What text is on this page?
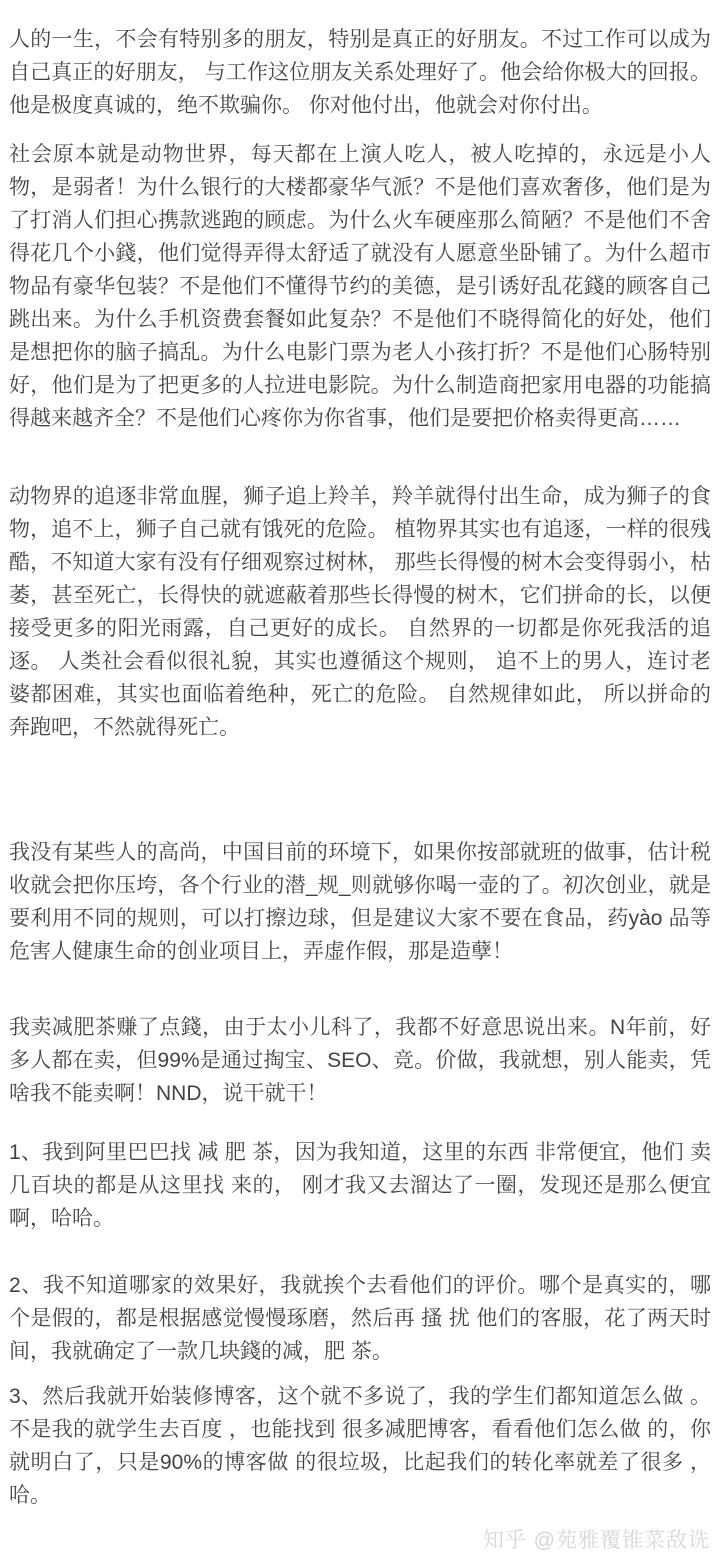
人的一生，不会有特别多的朋友，特别是真正的好朋友。不过工作可以成为自己真正的好朋友， 与工作这位朋友关系处理好了。他会给你极大的回报。他是极度真诚的，绝不欺骗你。 你对他付出，他就会对你付出。

社会原本就是动物世界，每天都在上演人吃人，被人吃掉的，永远是小人物，是弱者！为什么银行的大楼都豪华气派？不是他们喜欢奢侈，他们是为了打消人们担心携款逃跑的顾虑。为什么火车硬座那么简陋？不是他们不舍得花几个小錢，他们觉得弄得太舒适了就没有人愿意坐卧铺了。为什么超市物品有豪华包装？不是他们不懂得节约的美德，是引诱好乱花錢的顾客自己跳出来。为什么手机资费套餐如此复杂？不是他们不晓得简化的好处，他们是想把你的脑子搞乱。为什么电影门票为老人小孩打折？不是他们心肠特别好，他们是为了把更多的人拉进电影院。为什么制造商把家用电器的功能搞得越来越齐全？不是他们心疼你为你省事，他们是要把价格卖得更高……

动物界的追逐非常血腥，狮子追上羚羊，羚羊就得付出生命，成为狮子的食物，追不上，狮子自己就有饿死的危险。 植物界其实也有追逐，一样的很残酷，不知道大家有没有仔细观察过树林， 那些长得慢的树木会变得弱小，枯萎，甚至死亡，长得快的就遮蔽着那些长得慢的树木，它们拼命的长，以便接受更多的阳光雨露，自己更好的成长。 自然界的一切都是你死我活的追逐。 人类社会看似很礼貌，其实也遵循这个规则， 追不上的男人，连讨老婆都困难，其实也面临着绝种，死亡的危险。 自然规律如此， 所以拼命的奔跑吧，不然就得死亡。

我没有某些人的高尚，中国目前的环境下，如果你按部就班的做事，估计税 收就会把你压垮，各个行业的潜_规_则就够你喝一壶的了。初次创业，就是要利用不同的规则，可以打擦边球，但是建议大家不要在食品，药yào 品等危害人健康生命的创业项目上，弄虚作假，那是造孽！

我卖减肥茶赚了点錢，由于太小儿科了，我都不好意思说出来。N年前，好多人都在卖，但99%是通过掏宝、SEO、竞。价做，我就想，别人能卖，凭啥我不能卖啊！NND，说干就干！

1、我到阿里巴巴找 减 肥 茶，因为我知道，这里的东西 非常便宜，他们 卖几百块的都是从这里找 来的， 刚才我又去溜达了一圈，发现还是那么便宜啊，哈哈。

2、我不知道哪家的效果好，我就挨个去看他们的评价。哪个是真实的，哪个是假的，都是根据感觉慢慢琢磨，然后再 搔 扰 他们的客服，花了两天时间，我就确定了一款几块錢的减，肥 茶。

3、然后我就开始装修博客，这个就不多说了，我的学生们都知道怎么做 。不是我的就学生去百度 ，也能找到 很多减肥博客，看看他们怎么做 的，你就明白了，只是90%的博客做 的很垃圾，比起我们的转化率就差了很多 ，哈。

知乎 @苑雅覆锥菜敌诜
